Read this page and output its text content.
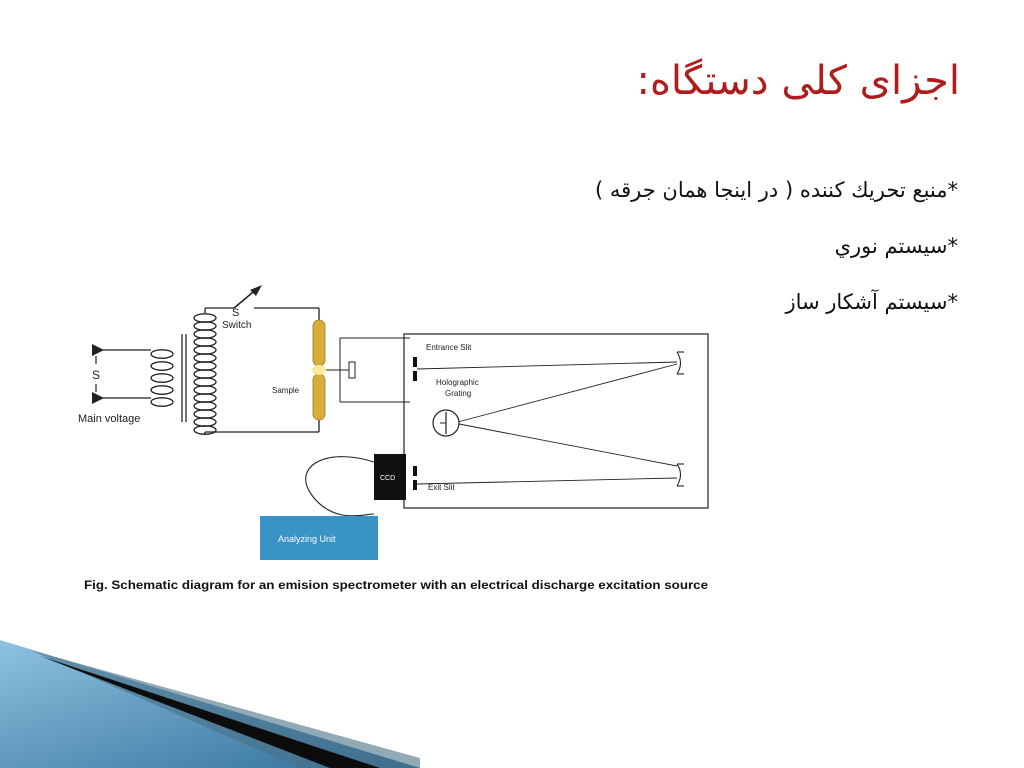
اجزای کلی دستگاه:
*منبع تحريك كننده ( در اينجا همان جرقه )
*سيستم نوري
*سيستم آشكار ساز
S
Switch
S
Main voltage
Sample
Entrance Slit
Holographic
Grating
Exit Slit
CCD
Analyzing Unit
Fig. Schematic diagram for an emision spectrometer with an electrical discharge excitation source
